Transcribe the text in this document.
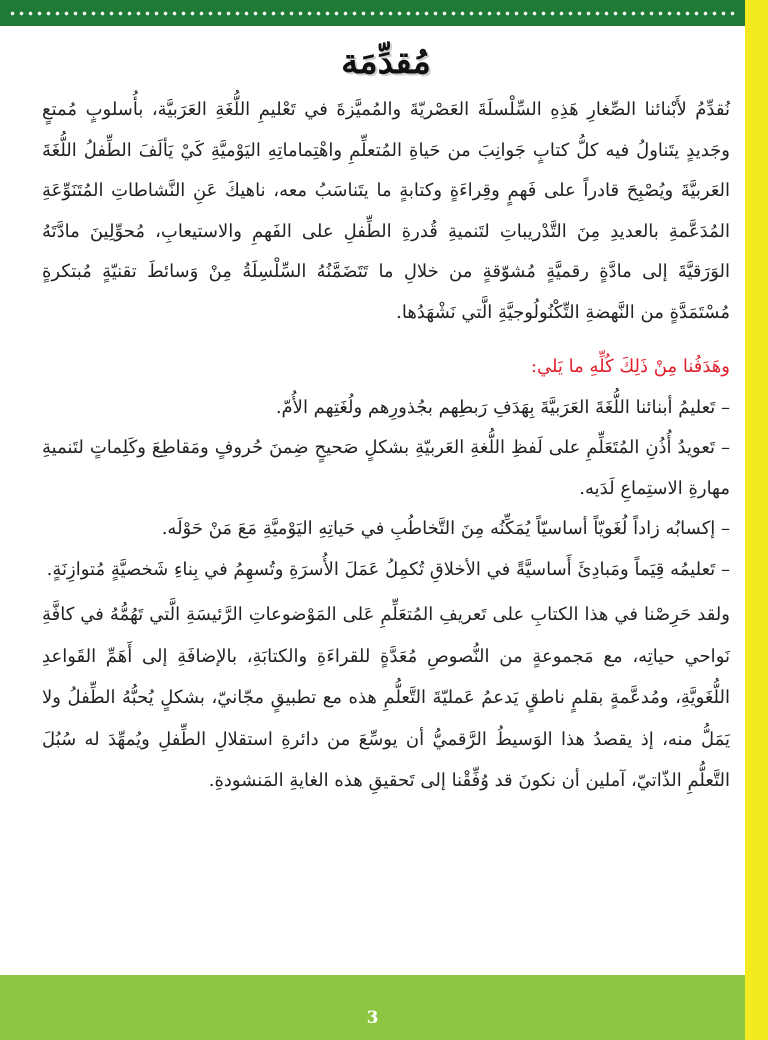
مُقدِّمَة

نُقدِّمُ لأَبْنائنا الصِّغارِ هَذِهِ السِّلْسلَةَ العَصْريّةَ والمُميَّزةَ في تَعْليمِ اللُّغَةِ العَرَبيَّة، بأُسلوبٍ مُمتعٍ وجَديدٍ يتَناولُ فيه كلُّ كتابٍ جَوانِبَ من حَياةِ المُتعلِّمِ واهْتِماماتِهِ اليَوْميَّةِ كَيْ يَألَفَ الطِّفلُ اللُّغَةَ العَربيَّةَ ويُصْبِحَ قادراً على فَهمٍ وقِراءَةٍ وكتابةٍ ما يتَناسَبُ معه، ناهيكَ عَنِ النَّشاطاتِ المُتَنَوِّعَةِ المُدَعَّمةِ بالعديدِ مِنَ التَّدْريباتِ لتَنميةِ قُدرةِ الطِّفلِ على الفَهمِ والاستيعابِ، مُحوِّلِينَ مادَّتَهُ الوَرَقيَّةَ إلى مادَّةٍ رقميَّةٍ مُشوّقةٍ من خلالِ ما تَتَضَمَّنُهُ السِّلْسِلَةُ مِنْ وَسائطَ تقنيّةٍ مُبتكرةٍ مُسْتَمَدَّةٍ من النَّهضةِ التِّكْنُولُوجيَّةِ الَّتي نَشْهَدُها.

وهَدَفُنا مِنْ ذَلِكَ كُلِّهِ ما يَلي:

– تَعليمُ أبنائنا اللُّغَةَ العَرَبيَّةَ بِهَدَفِ رَبطِهم بجُذورِهم ولُغَتِهم الأُمّ.

– تَعويدُ أُذُنِ المُتَعَلِّمِ على لَفظِ اللُّغةِ العَربيّةِ بشكلٍ صَحيحٍ ضِمنَ حُروفٍ ومَقاطِعَ وكَلِماتٍ لتَنميةِ مهارةِ الاستِماعِ لَدَيه.

– إكسابُه زاداً لُغَويّاً أساسيّاً يُمَكِّنُه مِنَ التَّخاطُبِ في حَياتِهِ اليَوْميَّةِ مَعَ مَنْ حَوْلَه.

– تَعليمُه قِيَماً ومَبادِئَ أَساسيَّةً في الأخلاقِ تُكمِلُ عَمَلَ الأُسرَةِ وتُسهِمُ في بِناءِ شَخصيَّةٍ مُتوازِنَةٍ.

ولقد حَرِصْنا في هذا الكتابِ على تَعريفِ المُتعَلِّمِ عَلى المَوْضوعاتِ الرَّئيسَةِ الَّتي تَهُمُّهُ في كافَّةِ نَواحي حياتِه، مع مَجموعةٍ من النُّصوصِ مُعَدَّةٍ للقراءَةِ والكتابَةِ، بالإضافَةِ إلى أَهَمِّ القَواعدِ اللُّغَويَّةِ، ومُدعَّمةٍ بقلمٍ ناطقٍ يَدعمُ عَمليّةَ التَّعلُّمِ هذه مع تطبيقٍ مجّانيّ، بشكلٍ يُحبُّهُ الطِّفلُ ولا يَمَلُّ منه، إذ يقصدُ هذا الوَسيطُ الرَّقميُّ أن يوسِّعَ من دائرةِ استقلالِ الطِّفلِ ويُمهِّدَ له سُبُلَ التَّعلُّمِ الذّاتيّ، آملين أن نكونَ قد وُفِّقْنا إلى تَحقيقِ هذه الغايةِ المَنشودةِ.

3
